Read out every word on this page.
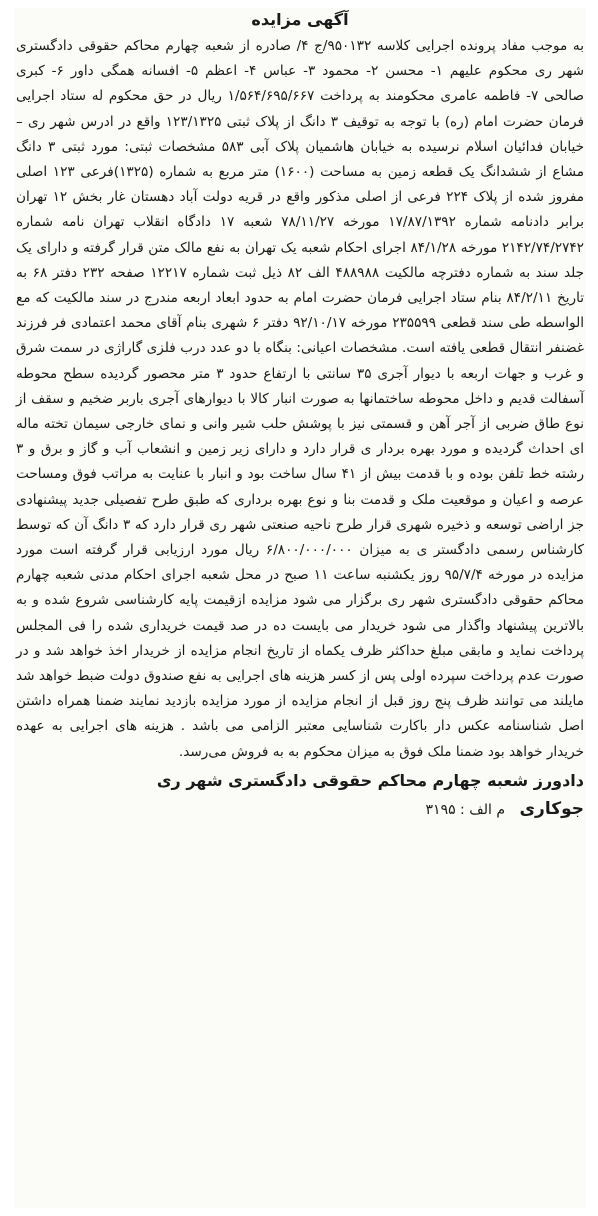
آگهی مزایده

به موجب مفاد پرونده اجرایی کلاسه ۹۵۰۱۳۲/ج ۴/ صادره از شعبه چهارم محاکم حقوقی دادگستری شهر ری محکوم علیهم ۱- محسن ۲- محمود ۳- عباس ۴- اعظم ۵- افسانه همگی داور ۶- کبری صالحی ۷- فاطمه عامری محکومند به پرداخت ۱/۵۶۴/۶۹۵/۶۶۷ ریال در حق محکوم له ستاد اجرایی فرمان حضرت امام (ره) با توجه به توقیف ۳ دانگ از پلاک ثبتی ۱۲۳/۱۳۲۵ واقع در ادرس شهر ری – خیابان فدائیان اسلام نرسیده به خیابان هاشمیان پلاک آبی ۵۸۳ مشخصات ثبتی: مورد ثبتی ۳ دانگ مشاع از ششدانگ یک قطعه زمین به مساحت (۱۶۰۰) متر مربع به شماره (۱۳۲۵)فرعی ۱۲۳ اصلی مفروز شده از پلاک ۲۲۴ فرعی از اصلی مذکور واقع در قریه دولت آباد دهستان غار بخش ۱۲ تهران برابر دادنامه شماره ۱۷/۸۷/۱۳۹۲ مورخه ۷۸/۱۱/۲۷ شعبه ۱۷ دادگاه انقلاب تهران نامه شماره ۲۱۴۲/۷۴/۲۷۴۲ مورخه ۸۴/۱/۲۸ اجرای احکام شعبه یک تهران به نفع مالک متن قرار گرفته و دارای یک جلد سند به شماره دفترچه مالکیت ۴۸۸۹۸۸ الف ۸۲ ذیل ثبت شماره ۱۲۲۱۷ صفحه ۲۳۲ دفتر ۶۸ به تاریخ ۸۴/۲/۱۱ بنام ستاد اجرایی فرمان حضرت امام به حدود ابعاد اربعه مندرج در سند مالکیت که مع الواسطه طی سند قطعی ۲۳۵۵۹۹ مورخه ۹۲/۱۰/۱۷ دفتر ۶ شهری بنام آقای محمد اعتمادی فر فرزند غضنفر انتقال قطعی یافته است. مشخصات اعیانی: بنگاه با دو عدد درب فلزی گاراژی در سمت شرق و غرب و جهات اربعه با دیوار آجری ۳۵ سانتی با ارتفاع حدود ۳ متر محصور گردیده سطح محوطه آسفالت قدیم و داخل محوطه ساختمانها به صورت انبار کالا با دیوارهای آجری باربر ضخیم و سقف از نوع طاق ضربی از آجر آهن و قسمتی نیز با پوشش حلب شیر وانی و نمای خارجی سیمان تخته ماله ای احداث گردیده و مورد بهره بردار ی قرار دارد و دارای زیر زمین و انشعاب آب و گاز و برق و ۳ رشته خط تلفن بوده و با قدمت بیش از ۴۱ سال ساخت بود و انبار با عنایت به مراتب فوق ومساحت عرصه و اعیان و موقعیت ملک و قدمت بنا و نوع بهره برداری که طبق طرح تفصیلی جدید پیشنهادی جز اراضی توسعه و ذخیره شهری قرار طرح ناحیه صنعتی شهر ری قرار دارد که ۳ دانگ آن که توسط کارشناس رسمی دادگستر ی به میزان ۶/۸۰۰/۰۰۰/۰۰۰ ریال مورد ارزیابی قرار گرفته است مورد مزایده در مورخه ۹۵/۷/۴ روز یکشنبه ساعت ۱۱ صبح در محل شعبه اجرای احکام مدنی شعبه چهارم محاکم حقوقی دادگستری شهر ری برگزار می شود مزایده ازقیمت پایه کارشناسی شروع شده و به بالاترین پیشنهاد واگذار می شود خریدار می بایست ده در صد قیمت خریداری شده را فی المجلس پرداخت نماید و مابقی مبلغ حداکثر ظرف یکماه از تاریخ انجام مزایده از خریدار اخذ خواهد شد و در صورت عدم پرداخت سپرده اولی پس از کسر هزینه های اجرایی به نفع صندوق دولت ضبط خواهد شد مایلند می توانند ظرف پنج روز قبل از انجام مزایده از مورد مزایده بازدید نمایند ضمنا همراه داشتن اصل شناسنامه عکس دار باکارت شناسایی معتبر الزامی می باشد . هزینه های اجرایی به عهده خریدار خواهد بود ضمنا ملک فوق به میزان محکوم به به فروش می‌رسد.

دادورز شعبه چهارم محاکم حقوقی دادگستری شهر ری
جوکاری م الف : ۳۱۹۵
